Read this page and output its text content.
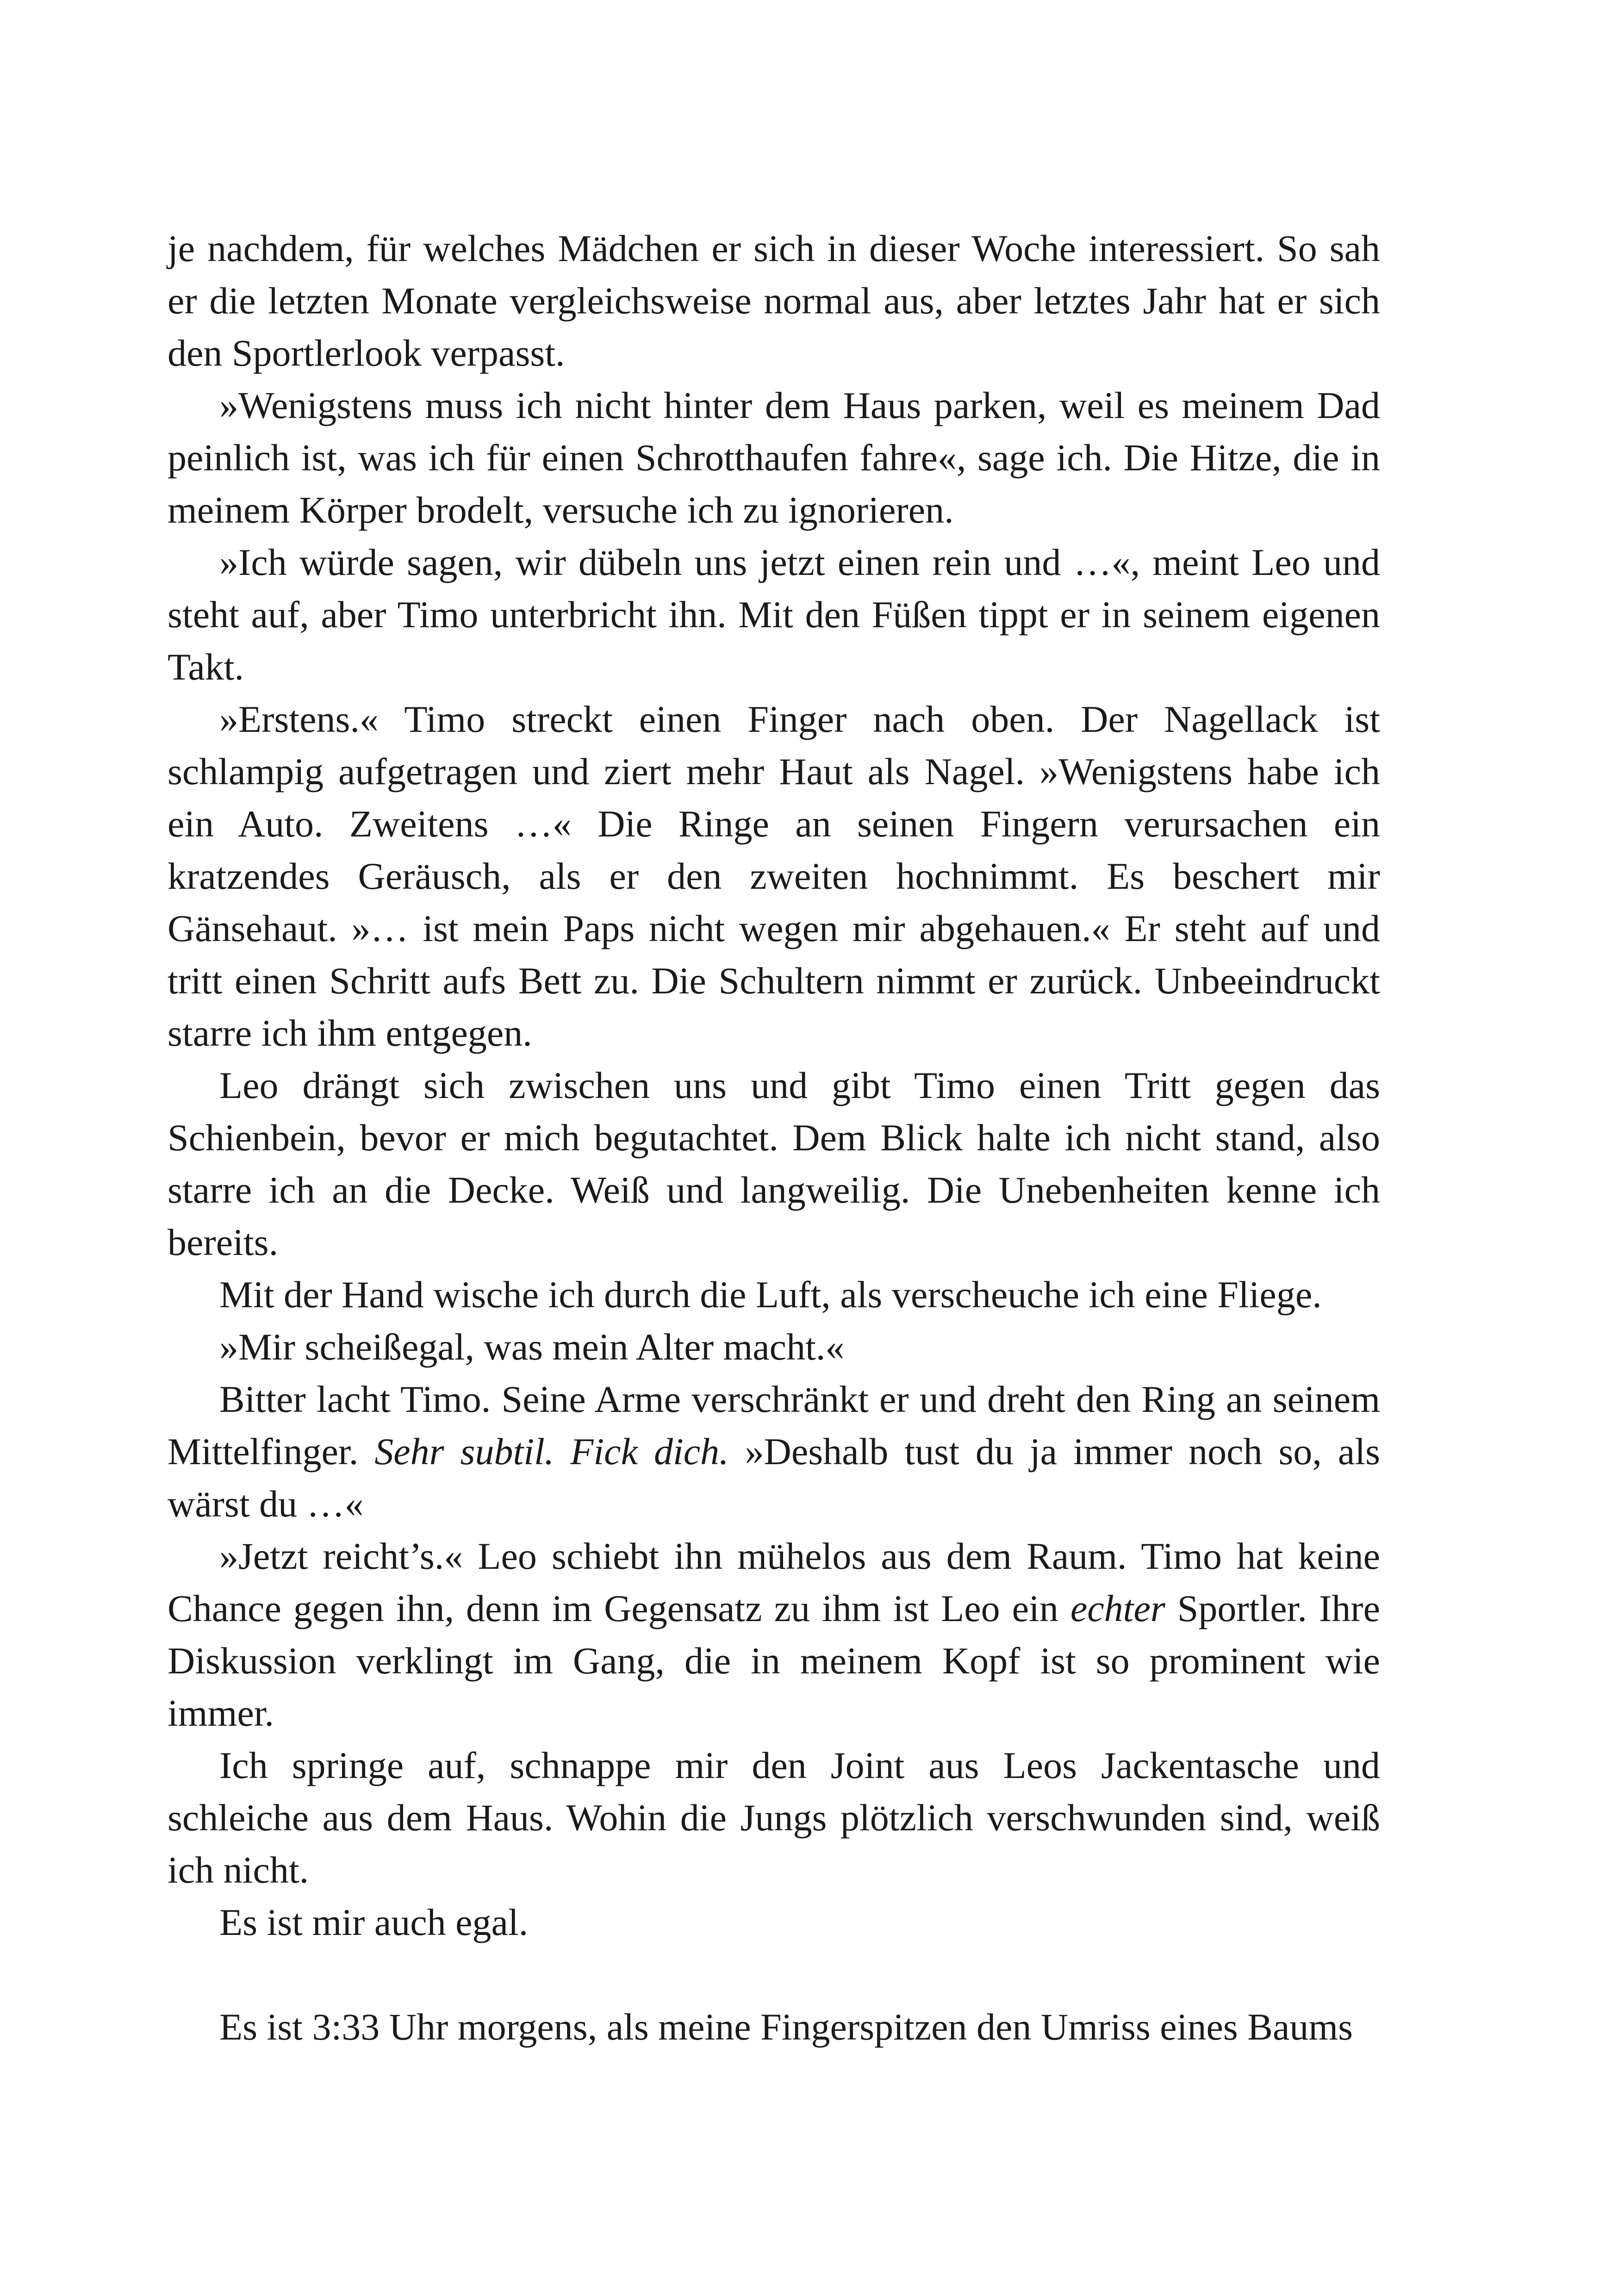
je nachdem, für welches Mädchen er sich in dieser Woche interessiert. So sah er die letzten Monate vergleichsweise normal aus, aber letztes Jahr hat er sich den Sportlerlook verpasst.

»Wenigstens muss ich nicht hinter dem Haus parken, weil es meinem Dad peinlich ist, was ich für einen Schrotthaufen fahre«, sage ich. Die Hitze, die in meinem Körper brodelt, versuche ich zu ignorieren.

»Ich würde sagen, wir dübeln uns jetzt einen rein und …«, meint Leo und steht auf, aber Timo unterbricht ihn. Mit den Füßen tippt er in seinem eigenen Takt.

»Erstens.« Timo streckt einen Finger nach oben. Der Nagellack ist schlampig aufgetragen und ziert mehr Haut als Nagel. »Wenigstens habe ich ein Auto. Zweitens …« Die Ringe an seinen Fingern verursachen ein kratzendes Geräusch, als er den zweiten hochnimmt. Es beschert mir Gänsehaut. »… ist mein Paps nicht wegen mir abgehauen.« Er steht auf und tritt einen Schritt aufs Bett zu. Die Schultern nimmt er zurück. Unbeeindruckt starre ich ihm entgegen.

Leo drängt sich zwischen uns und gibt Timo einen Tritt gegen das Schienbein, bevor er mich begutachtet. Dem Blick halte ich nicht stand, also starre ich an die Decke. Weiß und langweilig. Die Unebenheiten kenne ich bereits.

Mit der Hand wische ich durch die Luft, als verscheuche ich eine Fliege.

»Mir scheißegal, was mein Alter macht.«

Bitter lacht Timo. Seine Arme verschränkt er und dreht den Ring an seinem Mittelfinger. Sehr subtil. Fick dich. »Deshalb tust du ja immer noch so, als wärst du …«

»Jetzt reicht’s.« Leo schiebt ihn mühelos aus dem Raum. Timo hat keine Chance gegen ihn, denn im Gegensatz zu ihm ist Leo ein echter Sportler. Ihre Diskussion verklingt im Gang, die in meinem Kopf ist so prominent wie immer.

Ich springe auf, schnappe mir den Joint aus Leos Jackentasche und schleiche aus dem Haus. Wohin die Jungs plötzlich verschwunden sind, weiß ich nicht.

Es ist mir auch egal.

Es ist 3:33 Uhr morgens, als meine Fingerspitzen den Umriss eines Baums
